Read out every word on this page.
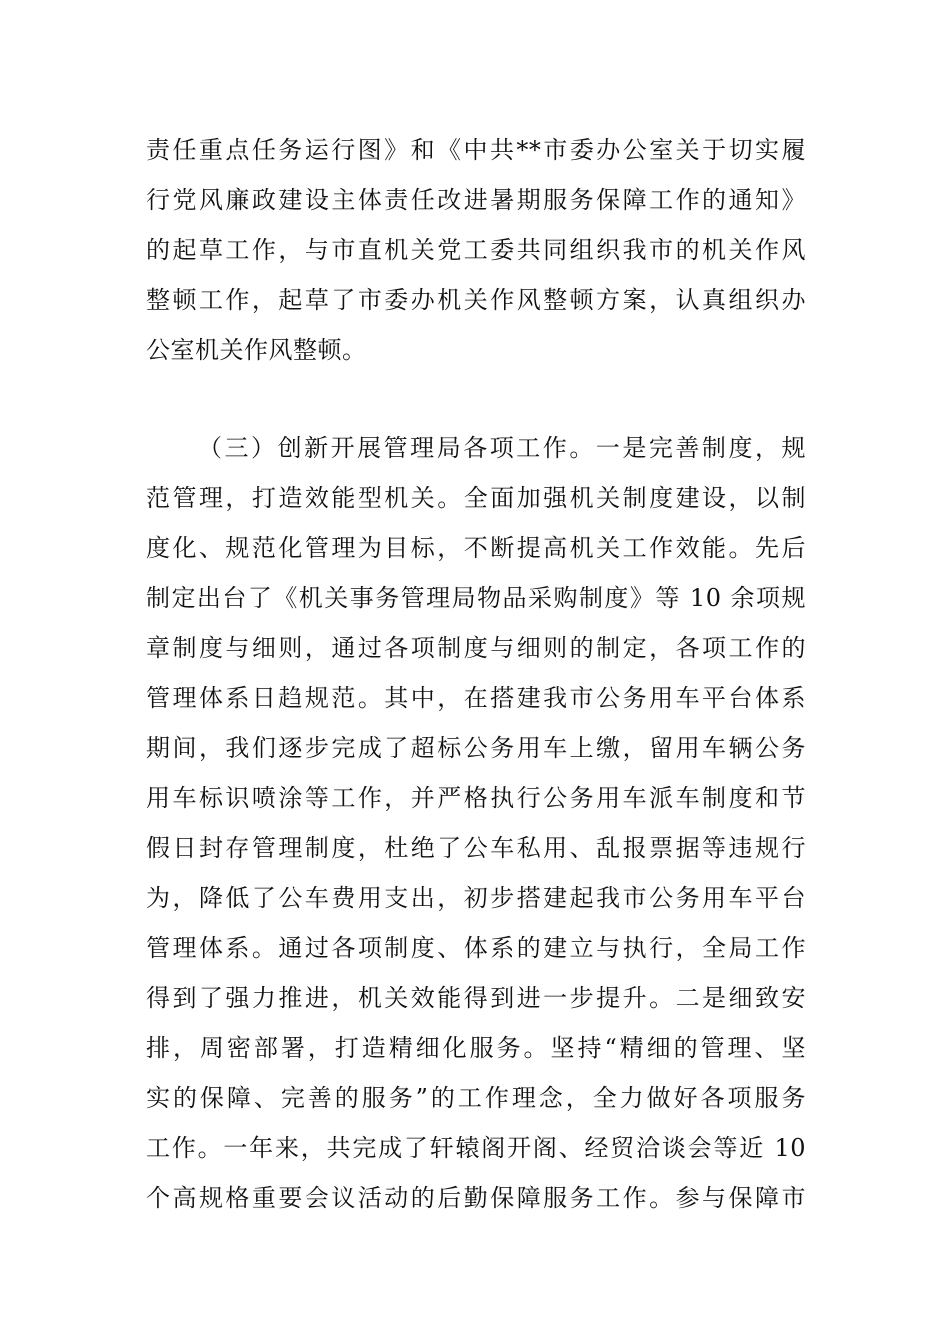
责任重点任务运行图》和《中共**市委办公室关于切实履
行党风廉政建设主体责任改进暑期服务保障工作的通知》
的起草工作，与市直机关党工委共同组织我市的机关作风
整顿工作，起草了市委办机关作风整顿方案，认真组织办
公室机关作风整顿。
（三）创新开展管理局各项工作。一是完善制度，规
范管理，打造效能型机关。全面加强机关制度建设，以制
度化、规范化管理为目标，不断提高机关工作效能。先后
制定出台了《机关事务管理局物品采购制度》等 10 余项规
章制度与细则，通过各项制度与细则的制定，各项工作的
管理体系日趋规范。其中，在搭建我市公务用车平台体系
期间，我们逐步完成了超标公务用车上缴，留用车辆公务
用车标识喷涂等工作，并严格执行公务用车派车制度和节
假日封存管理制度，杜绝了公车私用、乱报票据等违规行
为，降低了公车费用支出，初步搭建起我市公务用车平台
管理体系。通过各项制度、体系的建立与执行，全局工作
得到了强力推进，机关效能得到进一步提升。二是细致安
排，周密部署，打造精细化服务。坚持“精细的管理、坚
实的保障、完善的服务”的工作理念，全力做好各项服务
工作。一年来，共完成了轩辕阁开阁、经贸洽谈会等近 10
个高规格重要会议活动的后勤保障服务工作。参与保障市
